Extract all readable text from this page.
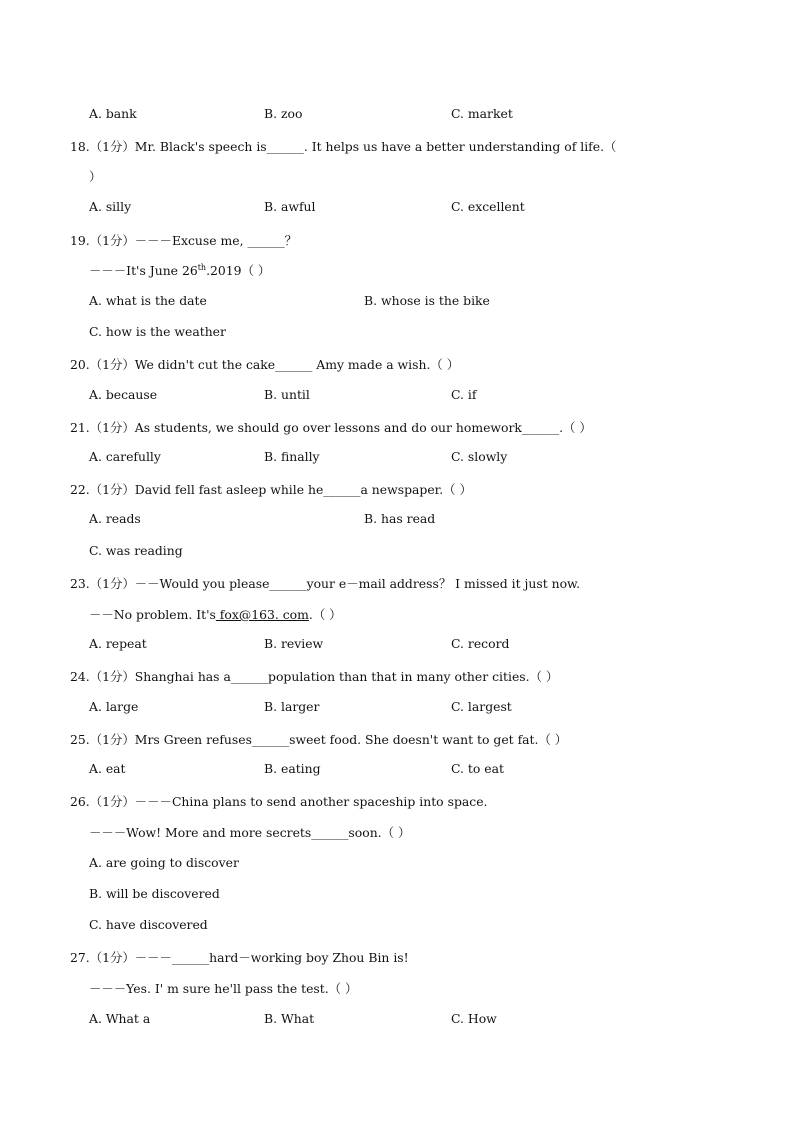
A. bank	B. zoo	C. market
18.（1分）Mr. Black's speech is______. It helps us have a better understanding of life.（
）
A. silly	B. awful	C. excellent
19.（1分）－－－Excuse me, ______？
－－－It's June 26th.2019（ ）
A. what is the date	B. whose is the bike
C. how is the weather
20.（1分）We didn't cut the cake______ Amy made a wish.（ ）
A. because	B. until	C. if
21.（1分）As students, we should go over lessons and do our homework______.（ ）
A. carefully	B. finally	C. slowly
22.（1分）David fell fast asleep while he______a newspaper.（ ）
A. reads	B. has read
C. was reading
23.（1分）－－Would you please______your e－mail address？ I missed it just now.
－－No problem. It's fox@163. com.（ ）
A. repeat	B. review	C. record
24.（1分）Shanghai has a______population than that in many other cities.（ ）
A. large	B. larger	C. largest
25.（1分）Mrs Green refuses______sweet food. She doesn't want to get fat.（ ）
A. eat	B. eating	C. to eat
26.（1分）－－－China plans to send another spaceship into space.
－－－Wow! More and more secrets______soon.（ ）
A. are going to discover
B. will be discovered
C. have discovered
27.（1分）－－－______hard－working boy Zhou Bin is!
－－－Yes. I' m sure he'll pass the test.（ ）
A. What a	B. What	C. How
